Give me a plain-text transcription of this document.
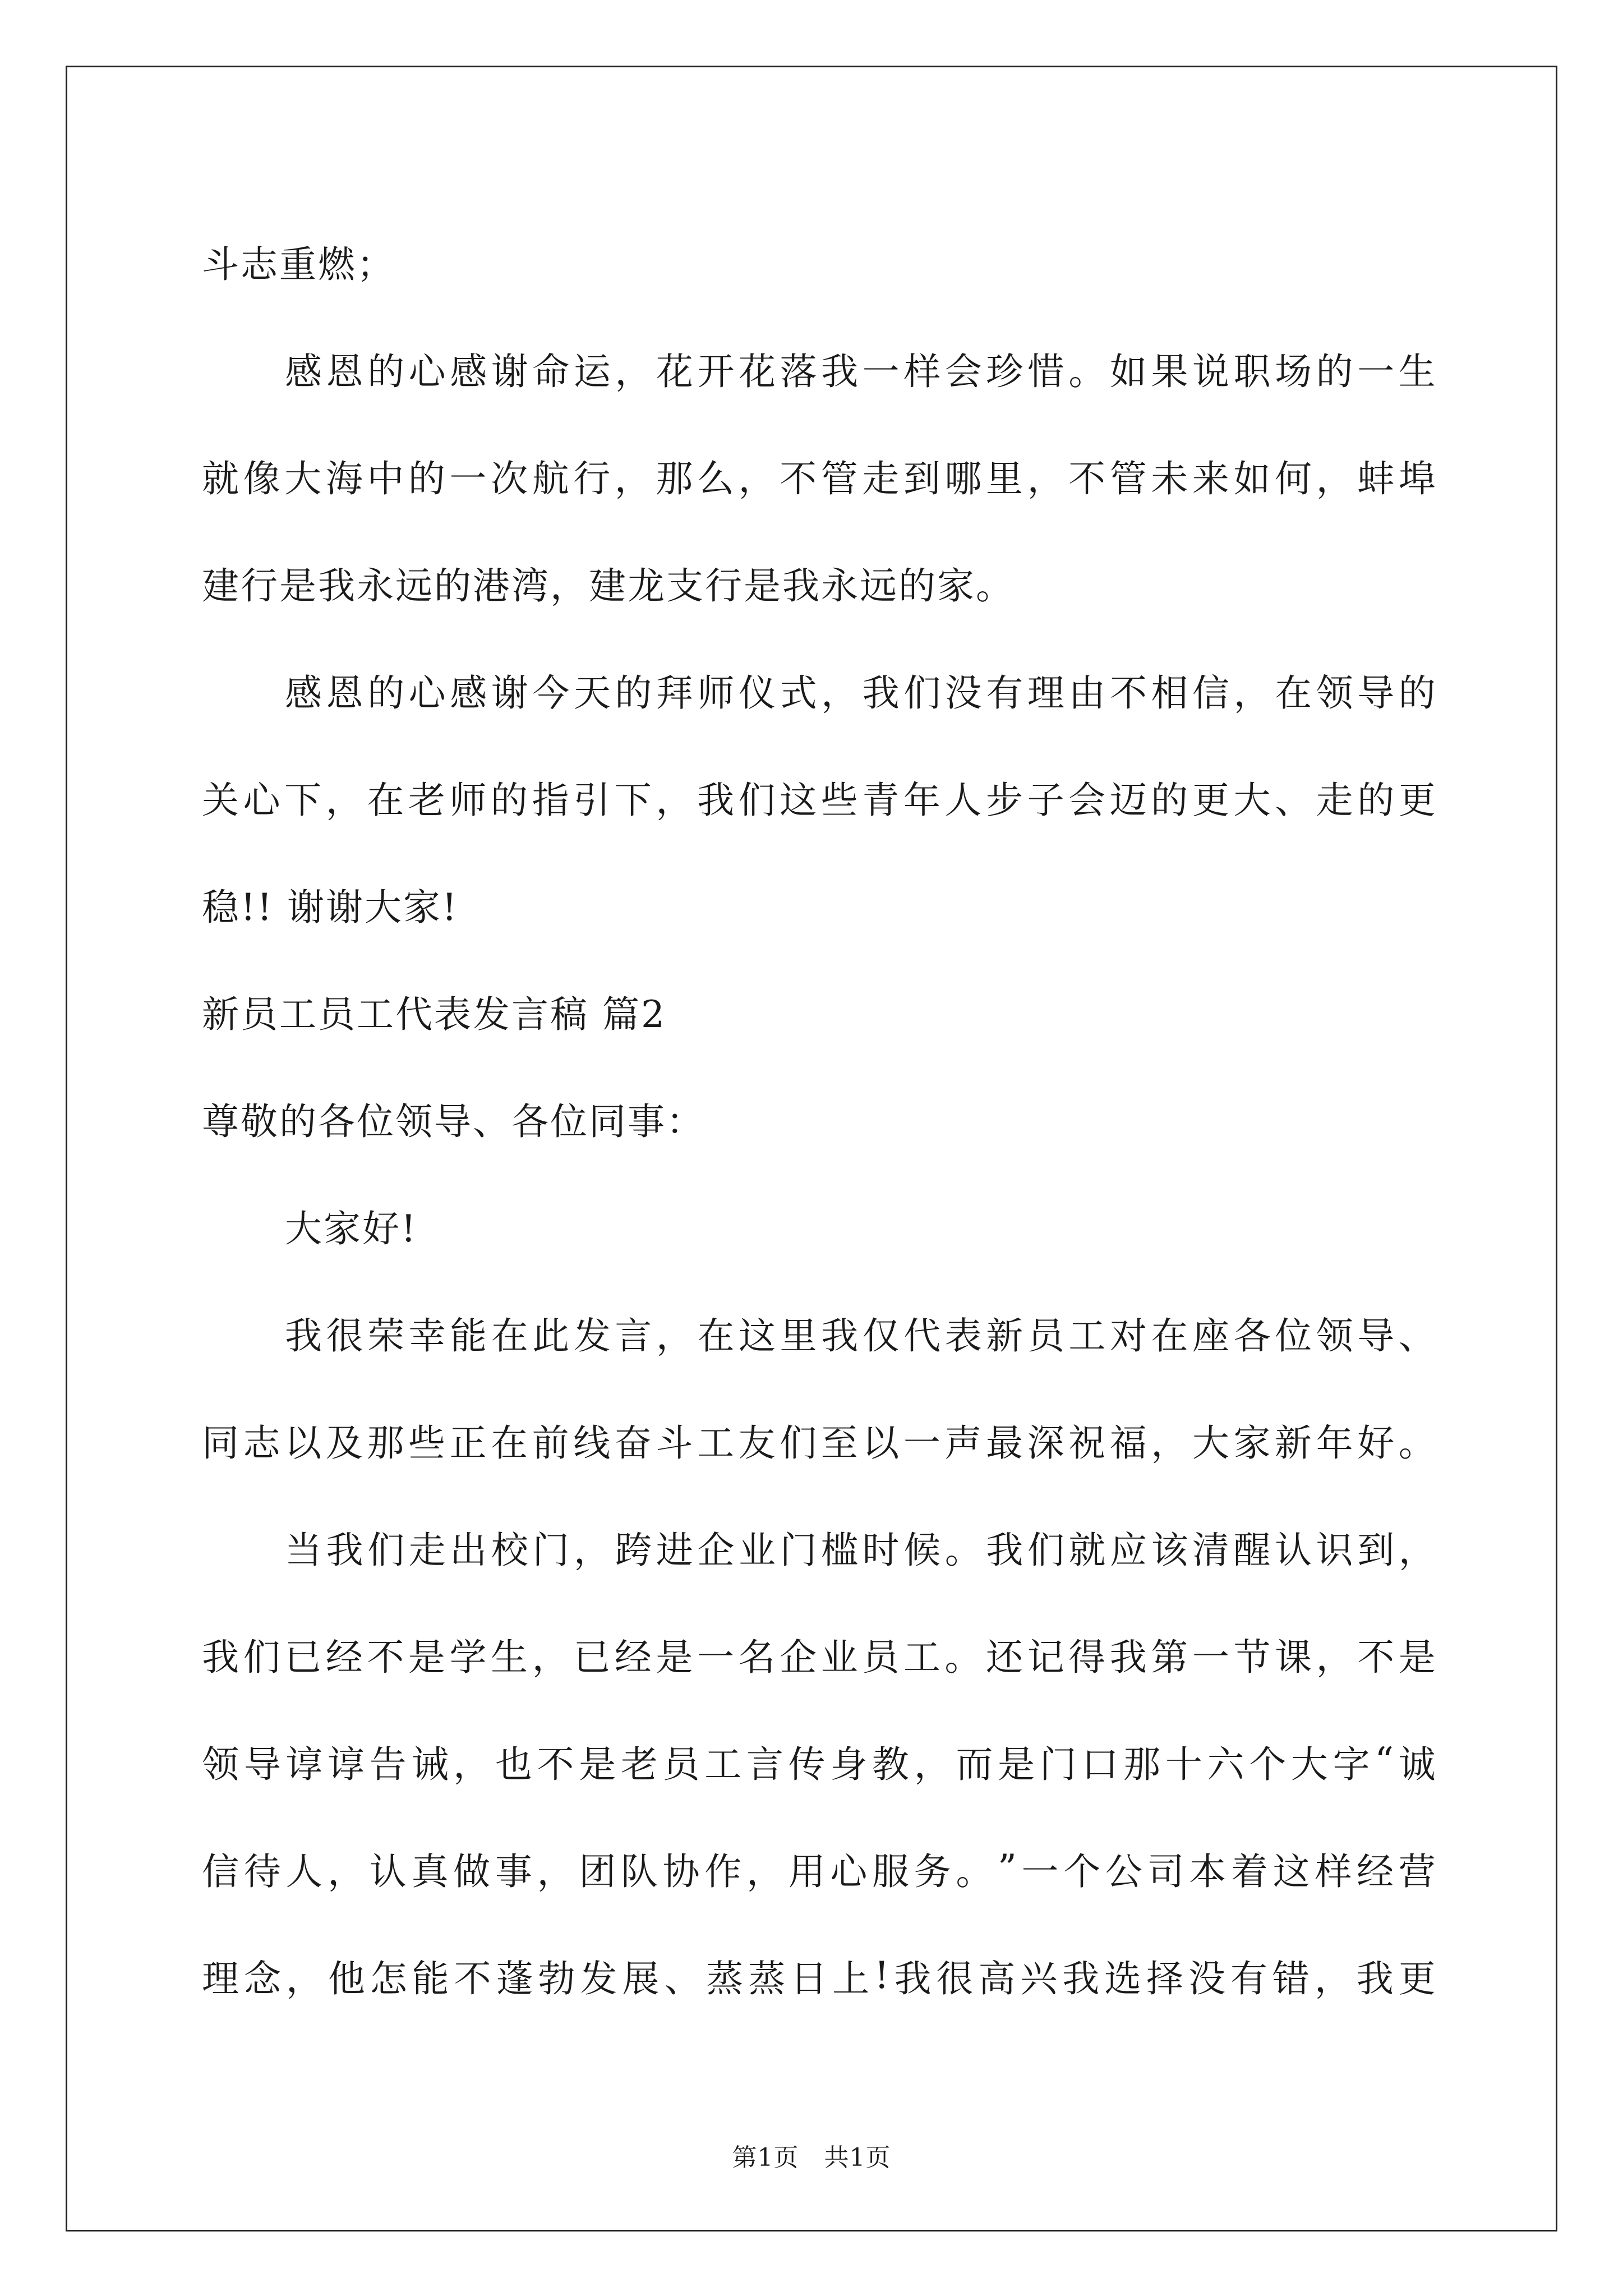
斗志重燃；
感 恩 的 心 感 谢 命 运 ， 花 开 花 落 我 一 样 会 珍 惜 。 如 果 说 职 场 的 一 生
就 像 大 海 中 的 一 次 航 行 ， 那 么 ， 不 管 走 到 哪 里 ， 不 管 未 来 如 何 ， 蚌 埠
建行是我永远的港湾，建龙支行是我永远的家。
感 恩 的 心 感 谢 今 天 的 拜 师 仪 式 ， 我 们 没 有 理 由 不 相 信 ， 在 领 导 的
关 心 下 ， 在 老 师 的 指 引 下 ， 我 们 这 些 青 年 人 步 子 会 迈 的 更 大 、 走 的 更
稳!! 谢谢大家!
新员工员工代表发言稿 篇2
尊敬的各位领导、各位同事：
大家好!
我 很 荣 幸 能 在 此 发 言 ， 在 这 里 我 仅 代 表 新 员 工 对 在 座 各 位 领 导 、
同 志 以 及 那 些 正 在 前 线 奋 斗 工 友 们 至 以 一 声 最 深 祝 福 ， 大 家 新 年 好 。
当 我 们 走 出 校 门 ， 跨 进 企 业 门 槛 时 候 。 我 们 就 应 该 清 醒 认 识 到 ，
我 们 已 经 不 是 学 生 ， 已 经 是 一 名 企 业 员 工 。 还 记 得 我 第 一 节 课 ， 不 是
领 导 谆 谆 告 诫 ， 也 不 是 老 员 工 言 传 身 教 ， 而 是 门 口 那 十 六 个 大 字 “ 诚
信 待 人 ， 认 真 做 事 ， 团 队 协 作 ， 用 心 服 务 。 ” 一 个 公 司 本 着 这 样 经 营
理 念 ， 他 怎 能 不 蓬 勃 发 展 、 蒸 蒸 日 上 ! 我 很 高 兴 我 选 择 没 有 错 ， 我 更
第1页　共1页
